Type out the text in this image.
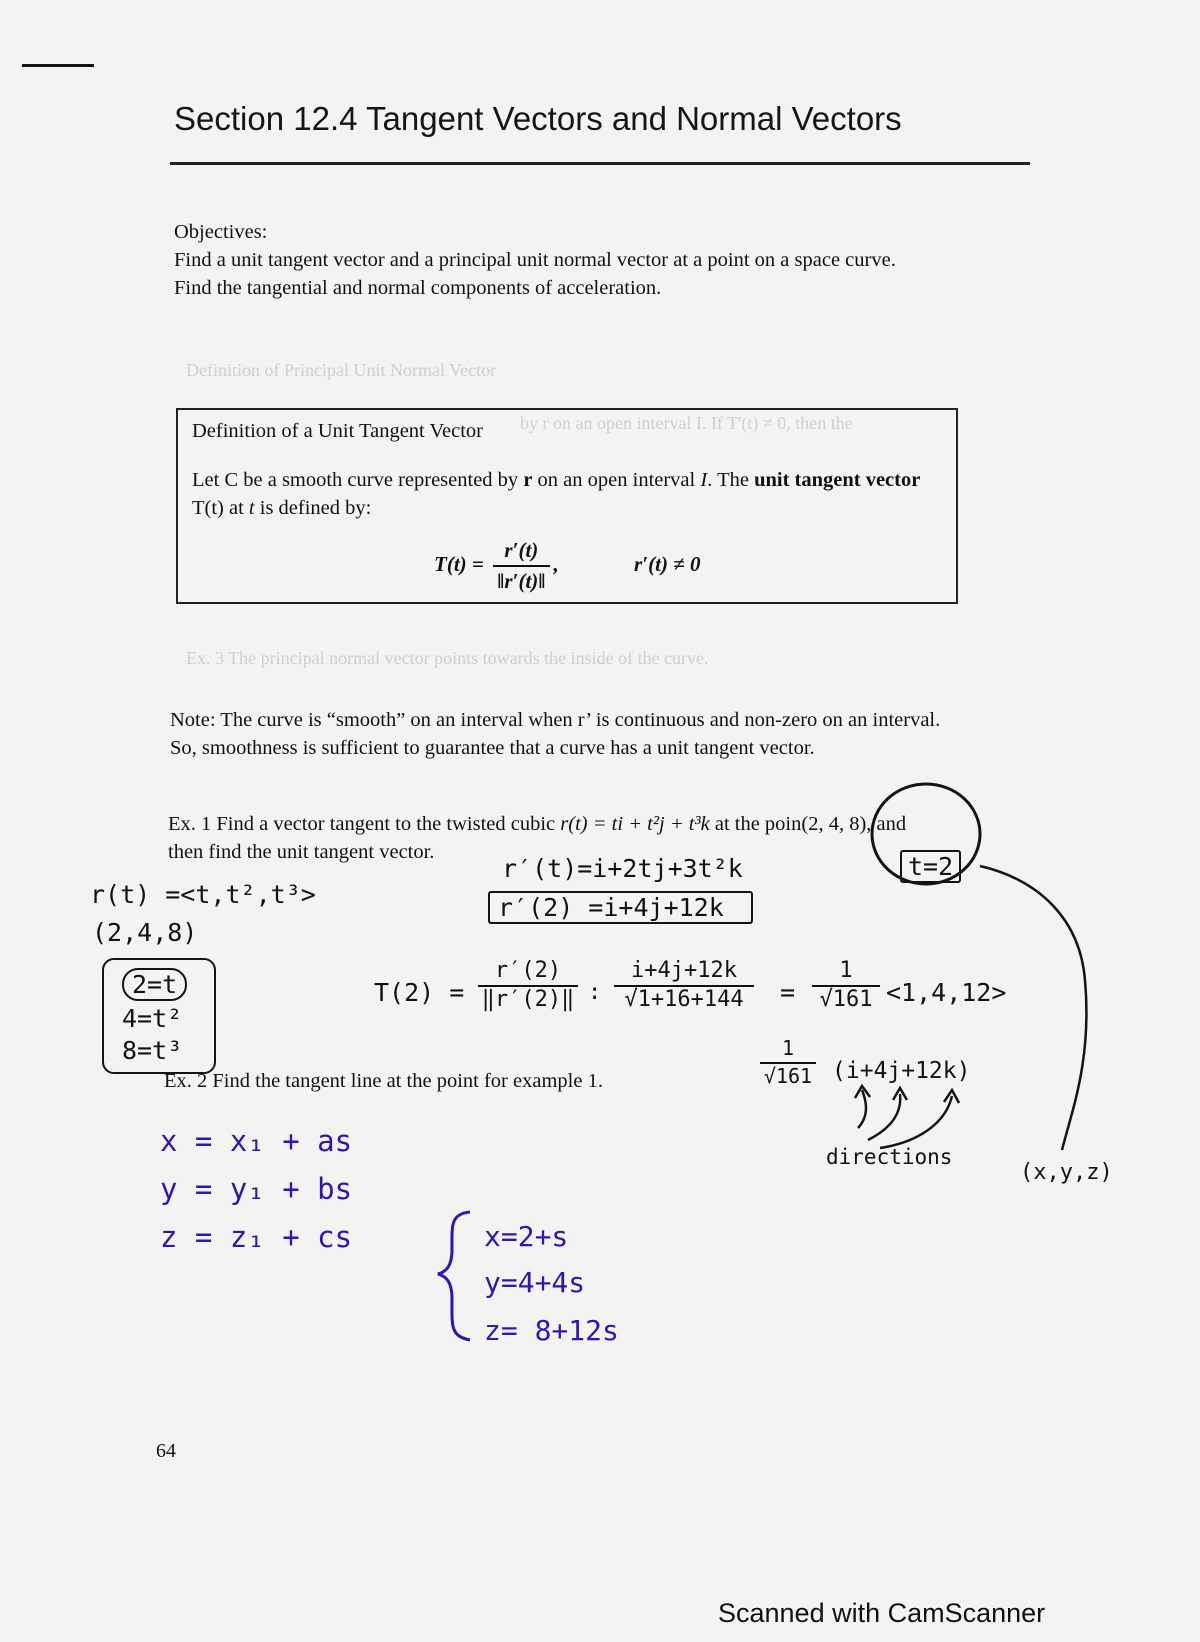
Section 12.4 Tangent Vectors and Normal Vectors
Objectives:
Find a unit tangent vector and a principal unit normal vector at a point on a space curve.
Find the tangential and normal components of acceleration.
Definition of a Unit Tangent Vector
Let C be a smooth curve represented by r on an open interval I. The unit tangent vector T(t) at t is defined by:
$T(t) = \frac{r'(t)}{‖r'(t)‖}$ ,	r′(t) ≠ 0
Note: The curve is “smooth” on an interval when r’ is continuous and non-zero on an interval.
So, smoothness is sufficient to guarantee that a curve has a unit tangent vector.
Ex. 1 Find a vector tangent to the twisted cubic r(t) = ti + t²j + t³k at the poin(2, 4, 8), and
then find the unit tangent vector.
Ex. 2 Find the tangent line at the point for example 1.
Definition of Principal Unit Normal Vector
by r on an open interval I. If T'(t) ≠ 0, then the
Ex. 3 The principal normal vector points towards the inside of the curve.
r(t) =<t,t²,t³>
(2,4,8)
2=t
4=t²
8=t³
r′(t)=i+2tj+3t²k
r′(2) =i+4j+12k
t=2
$T(2) = \frac{r'(2)}{‖r'(2)‖}$ :
i+4j+12k
√1+16+144	=
1
√161 <1,4,12>
1
√161 (i+4j+12k)
directions
(x,y,z)
x = x₁ + as
y = y₁ + bs
z = z₁ + cs	x=2+s
y=4+4s
z= 8+12s
64
Scanned with CamScanner
